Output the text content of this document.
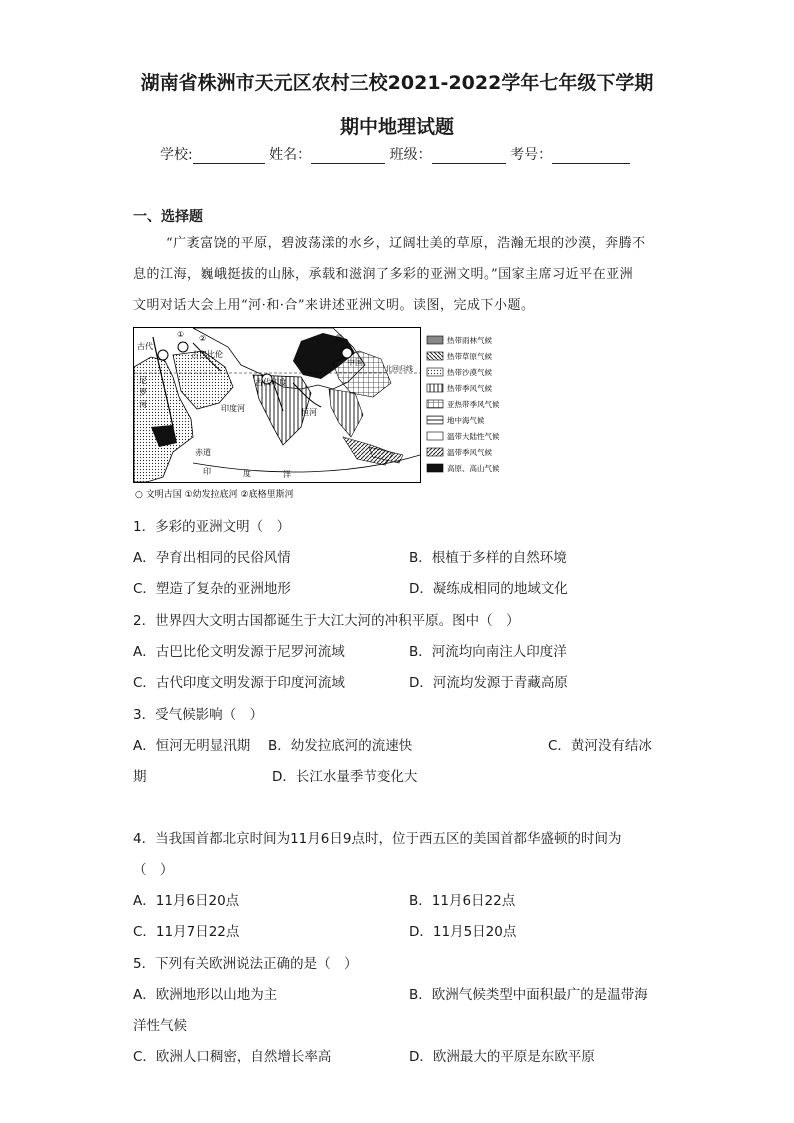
湖南省株洲市天元区农村三校2021-2022学年七年级下学期
期中地理试题
学校:	姓名：	班级：	考号：
一、选择题
“广袤富饶的平原，碧波荡漾的水乡，辽阔壮美的草原，浩瀚无垠的沙漠，奔腾不
息的江海，巍峨挺拔的山脉，承载和滋润了多彩的亚洲文明。”国家主席习近平在亚洲
文明对话大会上用“河·和·合”来讲述亚洲文明。读图，完成下小题。
① ②
古巴比伦
古代
尼
罗
河
古代印度
印度河	恒河
黄
中国
北回归线
赤道
印	度	洋
热带雨林气候
热带草原气候
热带沙漠气候
热带季风气候
亚热带季风气候
地中海气候
温带大陆性气候
温带季风气候
高原、高山气候
○ 文明古国 ①幼发拉底河 ②底格里斯河
1．多彩的亚洲文明（　）
A．孕育出相同的民俗风情	B．根植于多样的自然环境
C．塑造了复杂的亚洲地形	D．凝练成相同的地域文化
2．世界四大文明古国都诞生于大江大河的冲积平原。图中（　）
A．古巴比伦文明发源于尼罗河流域	B．河流均向南注人印度洋
C．古代印度文明发源于印度河流域	D．河流均发源于青藏高原
3．受气候影响（　）
A．恒河无明显汛期 B．幼发拉底河的流速快	C．黄河没有结冰
期	D．长江水量季节变化大
4．当我国首都北京时间为11月6日9点时，位于西五区的美国首都华盛顿的时间为
（　）
A．11月6日20点	B．11月6日22点
C．11月7日22点	D．11月5日20点
5．下列有关欧洲说法正确的是（　）
A．欧洲地形以山地为主	B．欧洲气候类型中面积最广的是温带海
洋性气候
C．欧洲人口稠密，自然增长率高	D．欧洲最大的平原是东欧平原
